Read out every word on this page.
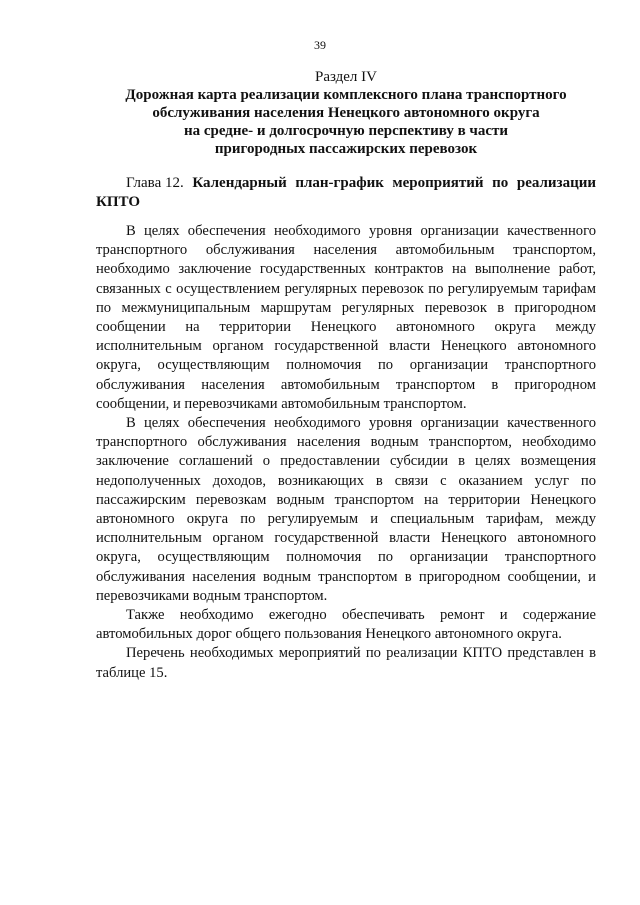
39

Раздел IV

Дорожная карта реализации комплексного плана транспортного

обслуживания населения Ненецкого автономного округа

на средне- и долгосрочную перспективу в части

пригородных пассажирских перевозок

Глава 12. Календарный план-график мероприятий по реализации
КПТО

В целях обеспечения необходимого уровня организации качественного транспортного обслуживания населения автомобильным транспортом, необходимо заключение государственных контрактов на выполнение работ, связанных с осуществлением регулярных перевозок по регулируемым тарифам по межмуниципальным маршрутам регулярных перевозок в пригородном сообщении на территории Ненецкого автономного округа между исполнительным органом государственной власти Ненецкого автономного округа, осуществляющим полномочия по организации транспортного обслуживания населения автомобильным транспортом в пригородном сообщении, и перевозчиками автомобильным транспортом.

В целях обеспечения необходимого уровня организации качественного транспортного обслуживания населения водным транспортом, необходимо заключение соглашений о предоставлении субсидии в целях возмещения недополученных доходов, возникающих в связи с оказанием услуг по пассажирским перевозкам водным транспортом на территории Ненецкого автономного округа по регулируемым и специальным тарифам, между исполнительным органом государственной власти Ненецкого автономного округа, осуществляющим полномочия по организации транспортного обслуживания населения водным транспортом в пригородном сообщении, и перевозчиками водным транспортом.

Также необходимо ежегодно обеспечивать ремонт и содержание автомобильных дорог общего пользования Ненецкого автономного округа.

Перечень необходимых мероприятий по реализации КПТО представлен в таблице 15.
